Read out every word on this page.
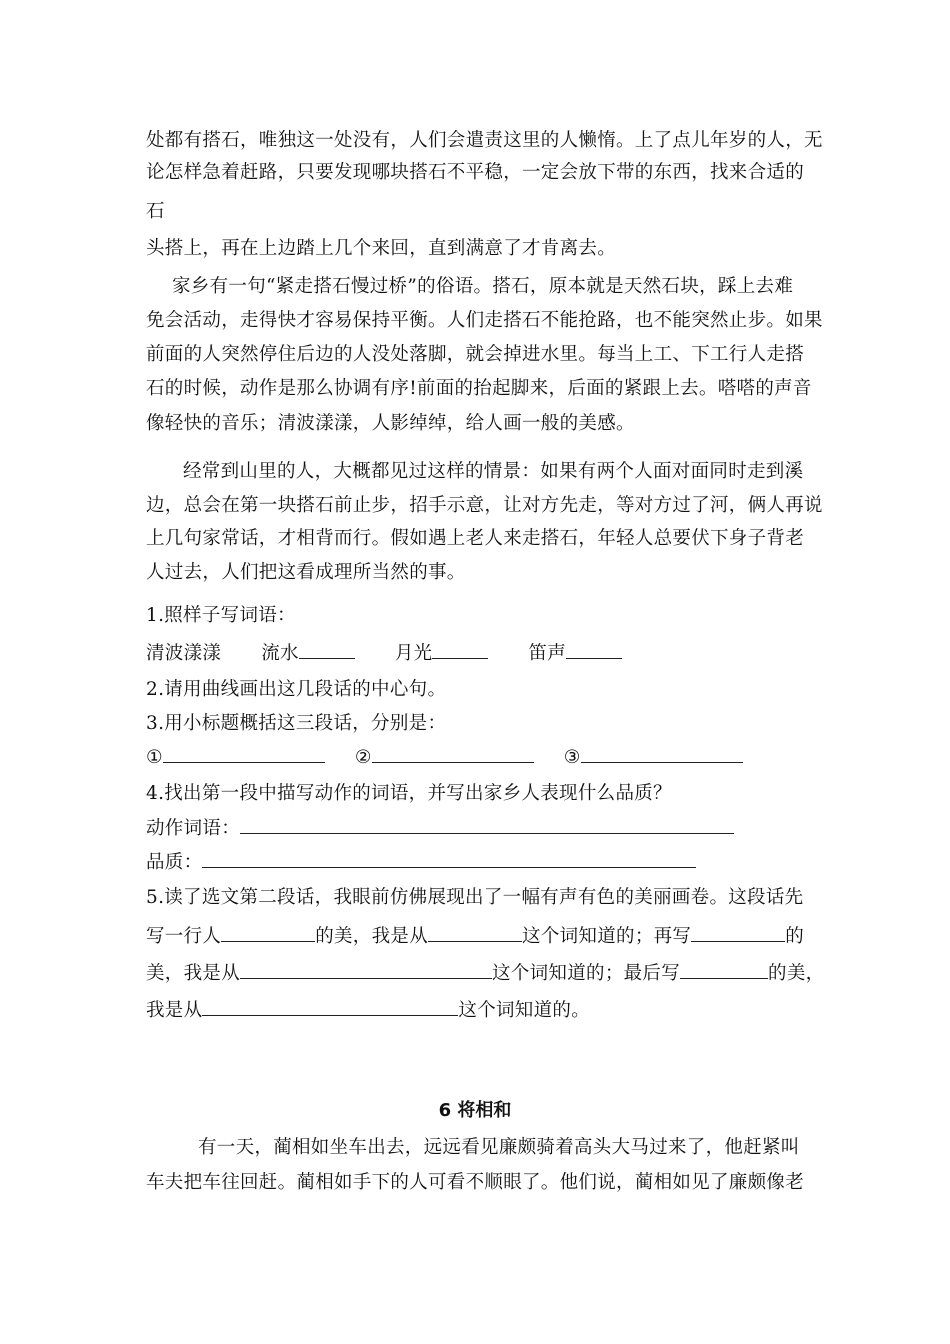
处都有搭石，唯独这一处没有，人们会遣责这里的人懒惰。上了点儿年岁的人，无
论怎样急着赶路，只要发现哪块搭石不平稳，一定会放下带的东西，找来合适的
石
头搭上，再在上边踏上几个来回，直到满意了才肯离去。
家乡有一句“紧走搭石慢过桥”的俗语。搭石，原本就是天然石块，踩上去难
免会活动，走得快才容易保持平衡。人们走搭石不能抢路，也不能突然止步。如果
前面的人突然停住后边的人没处落脚，就会掉进水里。每当上工、下工行人走搭
石的时候，动作是那么协调有序!前面的抬起脚来，后面的紧跟上去。嗒嗒的声音
像轻快的音乐；清波漾漾，人影绰绰，给人画一般的美感。
经常到山里的人，大概都见过这样的情景：如果有两个人面对面同时走到溪
边，总会在第一块搭石前止步，招手示意，让对方先走，等对方过了河，俩人再说
上几句家常话，才相背而行。假如遇上老人来走搭石，年轻人总要伏下身子背老
人过去，人们把这看成理所当然的事。
1.照样子写词语：
清波漾漾 流水	月光	笛声
2.请用曲线画出这几段话的中心句。
3.用小标题概括这三段话，分别是：
①	②	③
4.找出第一段中描写动作的词语，并写出家乡人表现什么品质？
动作词语：
品质：
5.读了选文第二段话，我眼前仿佛展现出了一幅有声有色的美丽画卷。这段话先
写一行人	的美，我是从	这个词知道的；再写	的
美，我是从	这个词知道的；最后写	的美，
我是从	这个词知道的。
6 将相和
有一天，蔺相如坐车出去，远远看见廉颇骑着高头大马过来了，他赶紧叫
车夫把车往回赶。蔺相如手下的人可看不顺眼了。他们说，蔺相如见了廉颇像老
